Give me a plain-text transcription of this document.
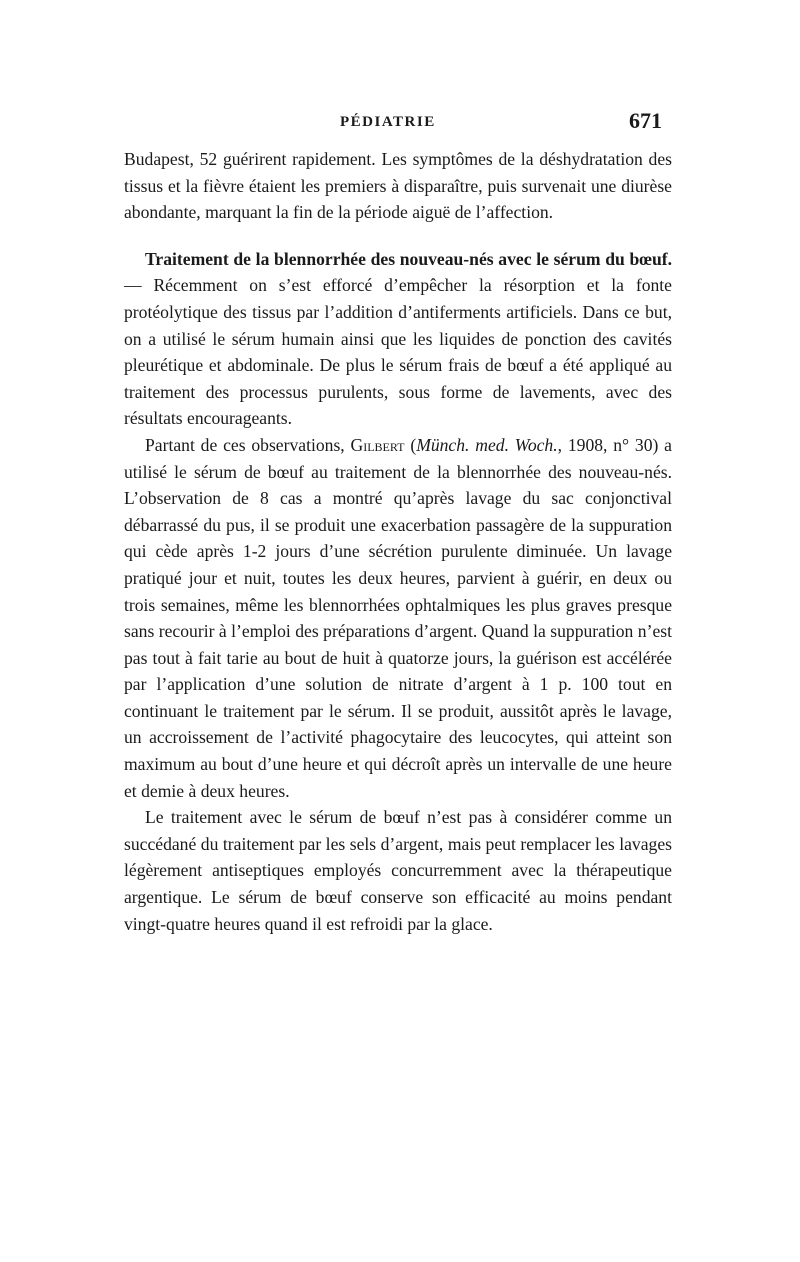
PÉDIATRIE	671

Budapest, 52 guérirent rapidement. Les symptômes de la déshydratation des tissus et la fièvre étaient les premiers à disparaître, puis survenait une diurèse abondante, marquant la fin de la période aiguë de l’affection.

Traitement de la blennorrhée des nouveau-nés avec le sérum du bœuf. — Récemment on s’est efforcé d’empêcher la résorption et la fonte protéolytique des tissus par l’addition d’antiferments artificiels. Dans ce but, on a utilisé le sérum humain ainsi que les liquides de ponction des cavités pleurétique et abdominale. De plus le sérum frais de bœuf a été appliqué au traitement des processus purulents, sous forme de lavements, avec des résultats encourageants.

Partant de ces observations, Gilbert (Münch. med. Woch., 1908, n° 30) a utilisé le sérum de bœuf au traitement de la blennorrhée des nouveau-nés. L’observation de 8 cas a montré qu’après lavage du sac conjonctival débarrassé du pus, il se produit une exacerbation passagère de la suppuration qui cède après 1-2 jours d’une sécrétion purulente diminuée. Un lavage pratiqué jour et nuit, toutes les deux heures, parvient à guérir, en deux ou trois semaines, même les blennorrhées ophtalmiques les plus graves presque sans recourir à l’emploi des préparations d’argent. Quand la suppuration n’est pas tout à fait tarie au bout de huit à quatorze jours, la guérison est accélérée par l’application d’une solution de nitrate d’argent à 1 p. 100 tout en continuant le traitement par le sérum. Il se produit, aussitôt après le lavage, un accroissement de l’activité phagocytaire des leucocytes, qui atteint son maximum au bout d’une heure et qui décroît après un intervalle de une heure et demie à deux heures.

Le traitement avec le sérum de bœuf n’est pas à considérer comme un succédané du traitement par les sels d’argent, mais peut remplacer les lavages légèrement antiseptiques employés concurremment avec la thérapeutique argentique. Le sérum de bœuf conserve son efficacité au moins pendant vingt-quatre heures quand il est refroidi par la glace.
